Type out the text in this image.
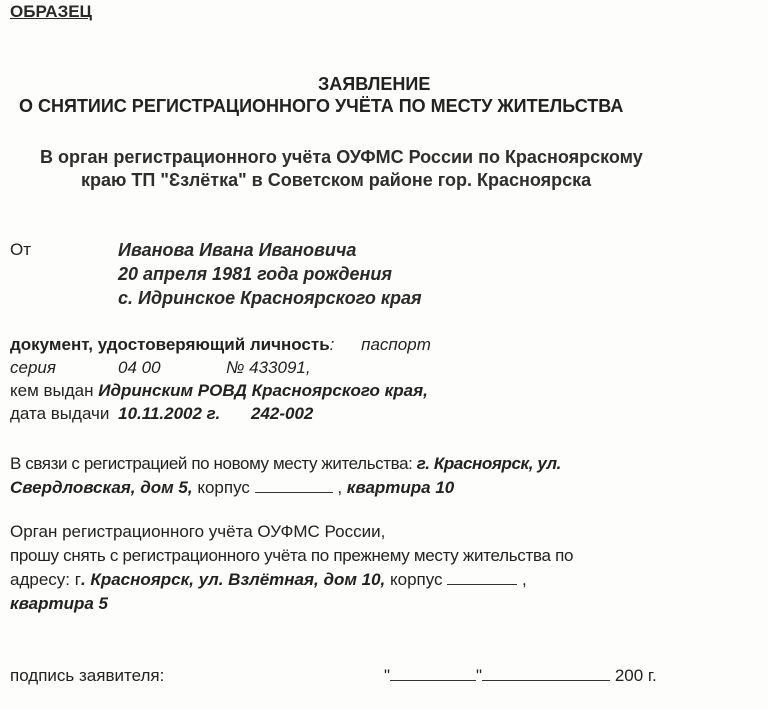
ОБРАЗЕЦ
ЗАЯВЛЕНИЕ
О СНЯТИИС РЕГИСТРАЦИОННОГО УЧЁТА ПО МЕСТУ ЖИТЕЛЬСТВА
В орган регистрационного учёта ОУФМС России по Красноярскому
краю ТП "Ɛзлётка" в Советском районе гор. Красноярска
От	Иванова Ивана Ивановича
20 апреля 1981 года рождения
с. Идринское Красноярского края
документ, удостоверяющий личность: паспорт
серия	04 00	№ 433091,
кем выдан Идринским РОВД Красноярского края,
дата выдачи 10.11.2002 г. 242-002
В связи с регистрацией по новому месту жительства: г. Красноярск, ул.
Свердловская, дом 5, корпус	, квартира 10
Орган регистрационного учёта ОУФМС России,
прошу снять с регистрационного учёта по прежнему месту жительства по
адресу: г. Красноярск, ул. Взлётная, дом 10, корпус	,
квартира 5
подпись заявителя:	"	"	200 г.
